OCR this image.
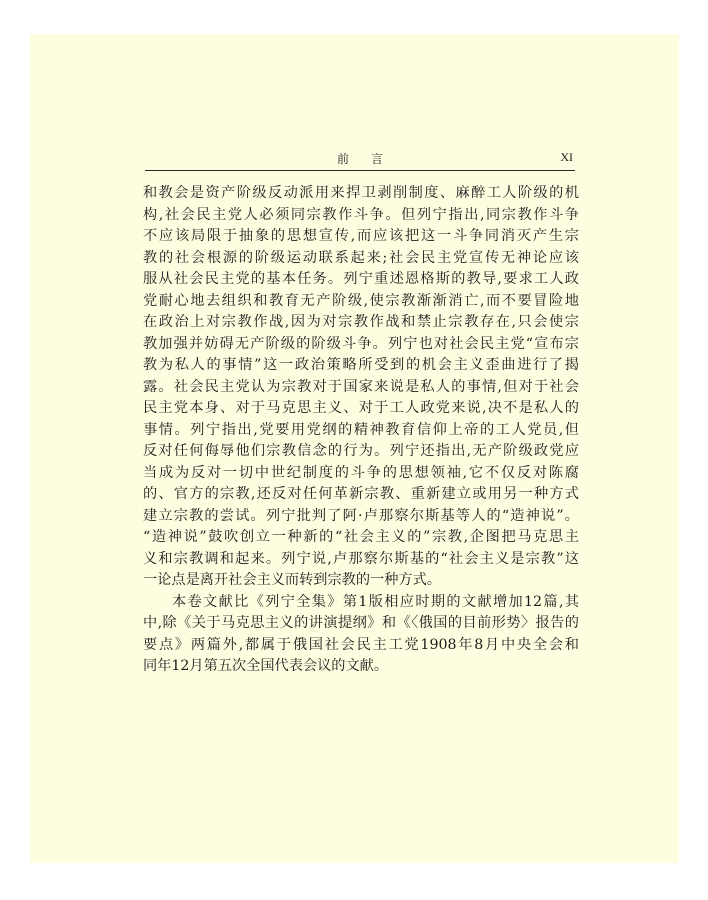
前言	XI
和教会是资产阶级反动派用来捍卫剥削制度、麻醉工人阶级的机
构,社会民主党人必须同宗教作斗争。但列宁指出,同宗教作斗争
不应该局限于抽象的思想宣传,而应该把这一斗争同消灭产生宗
教的社会根源的阶级运动联系起来;社会民主党宣传无神论应该
服从社会民主党的基本任务。列宁重述恩格斯的教导,要求工人政
党耐心地去组织和教育无产阶级,使宗教渐渐消亡,而不要冒险地
在政治上对宗教作战,因为对宗教作战和禁止宗教存在,只会使宗
教加强并妨碍无产阶级的阶级斗争。列宁也对社会民主党“宣布宗
教为私人的事情”这一政治策略所受到的机会主义歪曲进行了揭
露。社会民主党认为宗教对于国家来说是私人的事情,但对于社会
民主党本身、对于马克思主义、对于工人政党来说,决不是私人的
事情。列宁指出,党要用党纲的精神教育信仰上帝的工人党员,但
反对任何侮辱他们宗教信念的行为。列宁还指出,无产阶级政党应
当成为反对一切中世纪制度的斗争的思想领袖,它不仅反对陈腐
的、官方的宗教,还反对任何革新宗教、重新建立或用另一种方式
建立宗教的尝试。列宁批判了阿·卢那察尔斯基等人的“造神说”。
“造神说”鼓吹创立一种新的“社会主义的”宗教,企图把马克思主
义和宗教调和起来。列宁说,卢那察尔斯基的“社会主义是宗教”这
一论点是离开社会主义而转到宗教的一种方式。
本卷文献比《列宁全集》第1版相应时期的文献增加12篇,其
中,除《关于马克思主义的讲演提纲》和《〈俄国的目前形势〉报告的
要点》两篇外,都属于俄国社会民主工党1908年8月中央全会和
同年12月第五次全国代表会议的文献。
